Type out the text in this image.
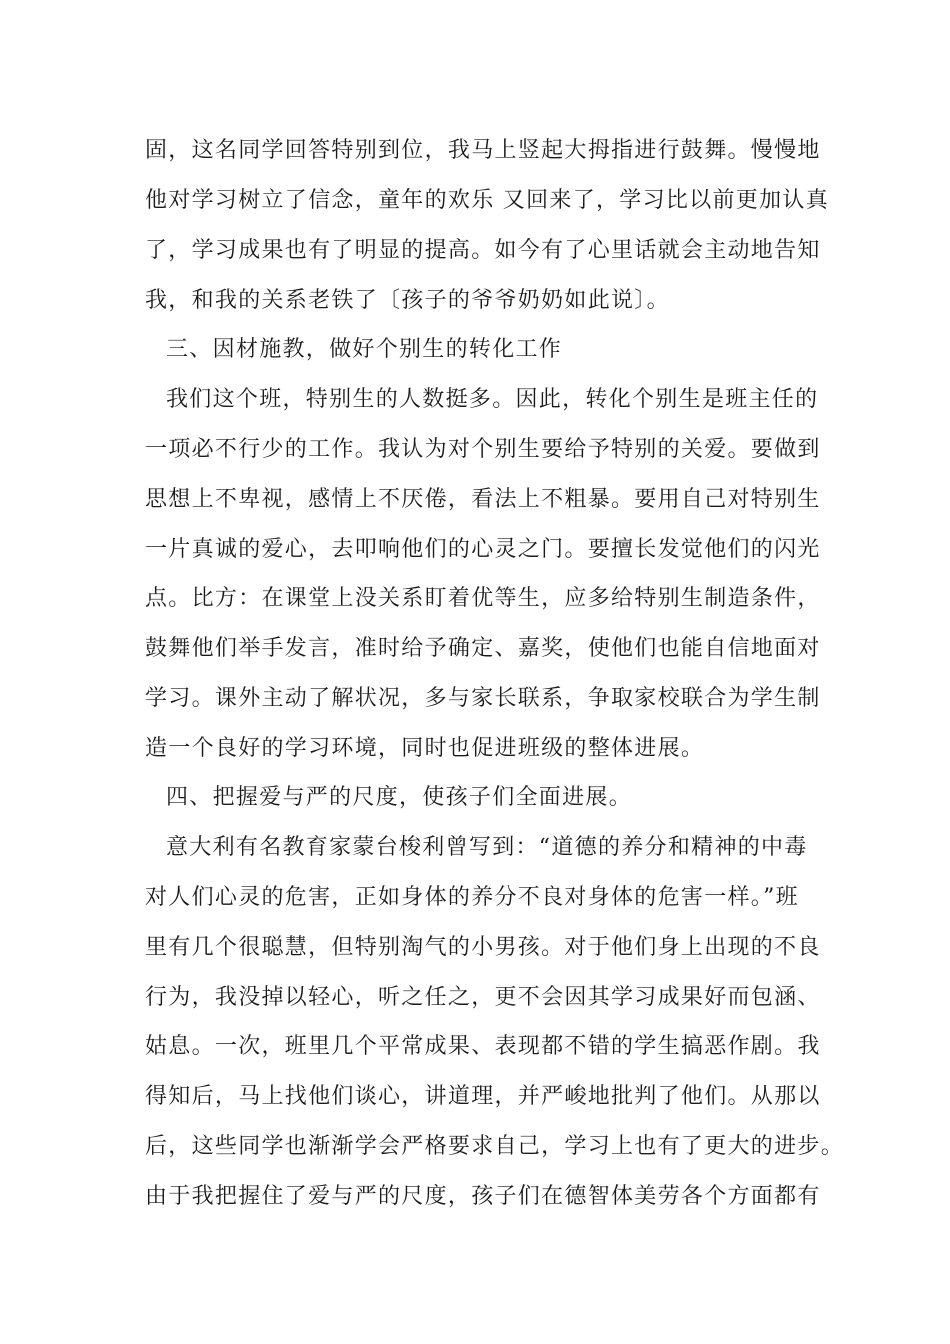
固，这名同学回答特别到位，我马上竖起大拇指进行鼓舞。慢慢地
他对学习树立了信念，童年的欢乐 又回来了，学习比以前更加认真
了，学习成果也有了明显的提高。如今有了心里话就会主动地告知
我，和我的关系老铁了〔孩子的爷爷奶奶如此说〕。
三、因材施教，做好个别生的转化工作
我们这个班，特别生的人数挺多。因此，转化个别生是班主任的
一项必不行少的工作。我认为对个别生要给予特别的关爱。要做到
思想上不卑视，感情上不厌倦，看法上不粗暴。要用自己对特别生
一片真诚的爱心，去叩响他们的心灵之门。要擅长发觉他们的闪光
点。比方：在课堂上没关系盯着优等生，应多给特别生制造条件，
鼓舞他们举手发言，准时给予确定、嘉奖，使他们也能自信地面对
学习。课外主动了解状况，多与家长联系，争取家校联合为学生制
造一个良好的学习环境，同时也促进班级的整体进展。
四、把握爱与严的尺度，使孩子们全面进展。
意大利有名教育家蒙台梭利曾写到：“道德的养分和精神的中毒
对人们心灵的危害，正如身体的养分不良对身体的危害一样。”班
里有几个很聪慧，但特别淘气的小男孩。对于他们身上出现的不良
行为，我没掉以轻心，听之任之，更不会因其学习成果好而包涵、
姑息。一次，班里几个平常成果、表现都不错的学生搞恶作剧。我
得知后，马上找他们谈心，讲道理，并严峻地批判了他们。从那以
后，这些同学也渐渐学会严格要求自己，学习上也有了更大的进步。
由于我把握住了爱与严的尺度，孩子们在德智体美劳各个方面都有
